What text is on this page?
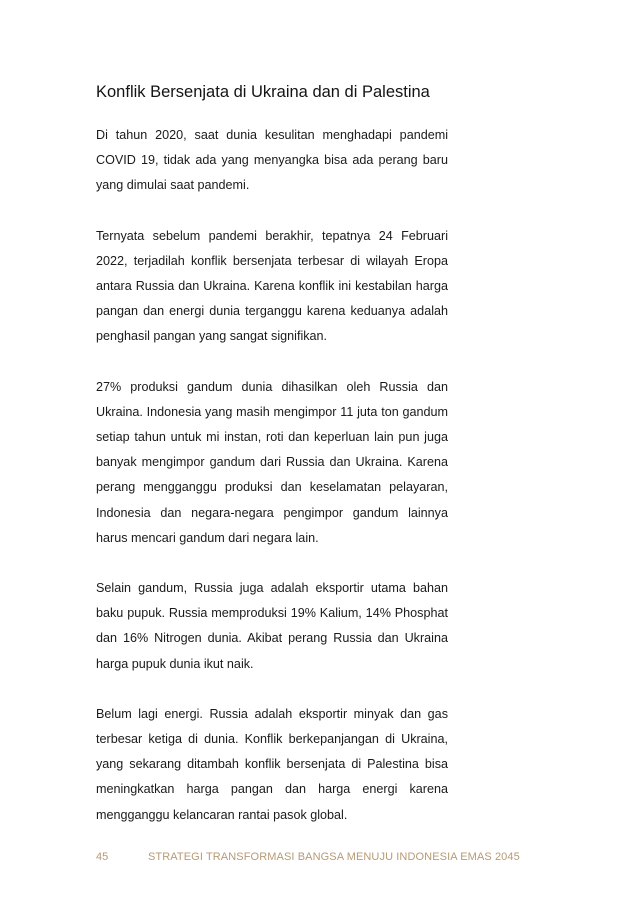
Konflik Bersenjata di Ukraina dan di Palestina

Di tahun 2020, saat dunia kesulitan menghadapi pandemi COVID 19, tidak ada yang menyangka bisa ada perang baru yang dimulai saat pandemi.

Ternyata sebelum pandemi berakhir, tepatnya 24 Februari 2022, terjadilah konflik bersenjata terbesar di wilayah Eropa antara Russia dan Ukraina. Karena konflik ini kestabilan harga pangan dan energi dunia terganggu karena keduanya adalah penghasil pangan yang sangat signifikan.

27% produksi gandum dunia dihasilkan oleh Russia dan Ukraina. Indonesia yang masih mengimpor 11 juta ton gandum setiap tahun untuk mi instan, roti dan keperluan lain pun juga banyak mengimpor gandum dari Russia dan Ukraina. Karena perang mengganggu produksi dan keselamatan pelayaran, Indonesia dan negara-negara pengimpor gandum lainnya harus mencari gandum dari negara lain.

Selain gandum, Russia juga adalah eksportir utama bahan baku pupuk. Russia memproduksi 19% Kalium, 14% Phosphat dan 16% Nitrogen dunia. Akibat perang Russia dan Ukraina harga pupuk dunia ikut naik.

Belum lagi energi. Russia adalah eksportir minyak dan gas terbesar ketiga di dunia. Konflik berkepanjangan di Ukraina, yang sekarang ditambah konflik bersenjata di Palestina bisa meningkatkan harga pangan dan harga energi karena mengganggu kelancaran rantai pasok global.

45	STRATEGI TRANSFORMASI BANGSA MENUJU INDONESIA EMAS 2045
